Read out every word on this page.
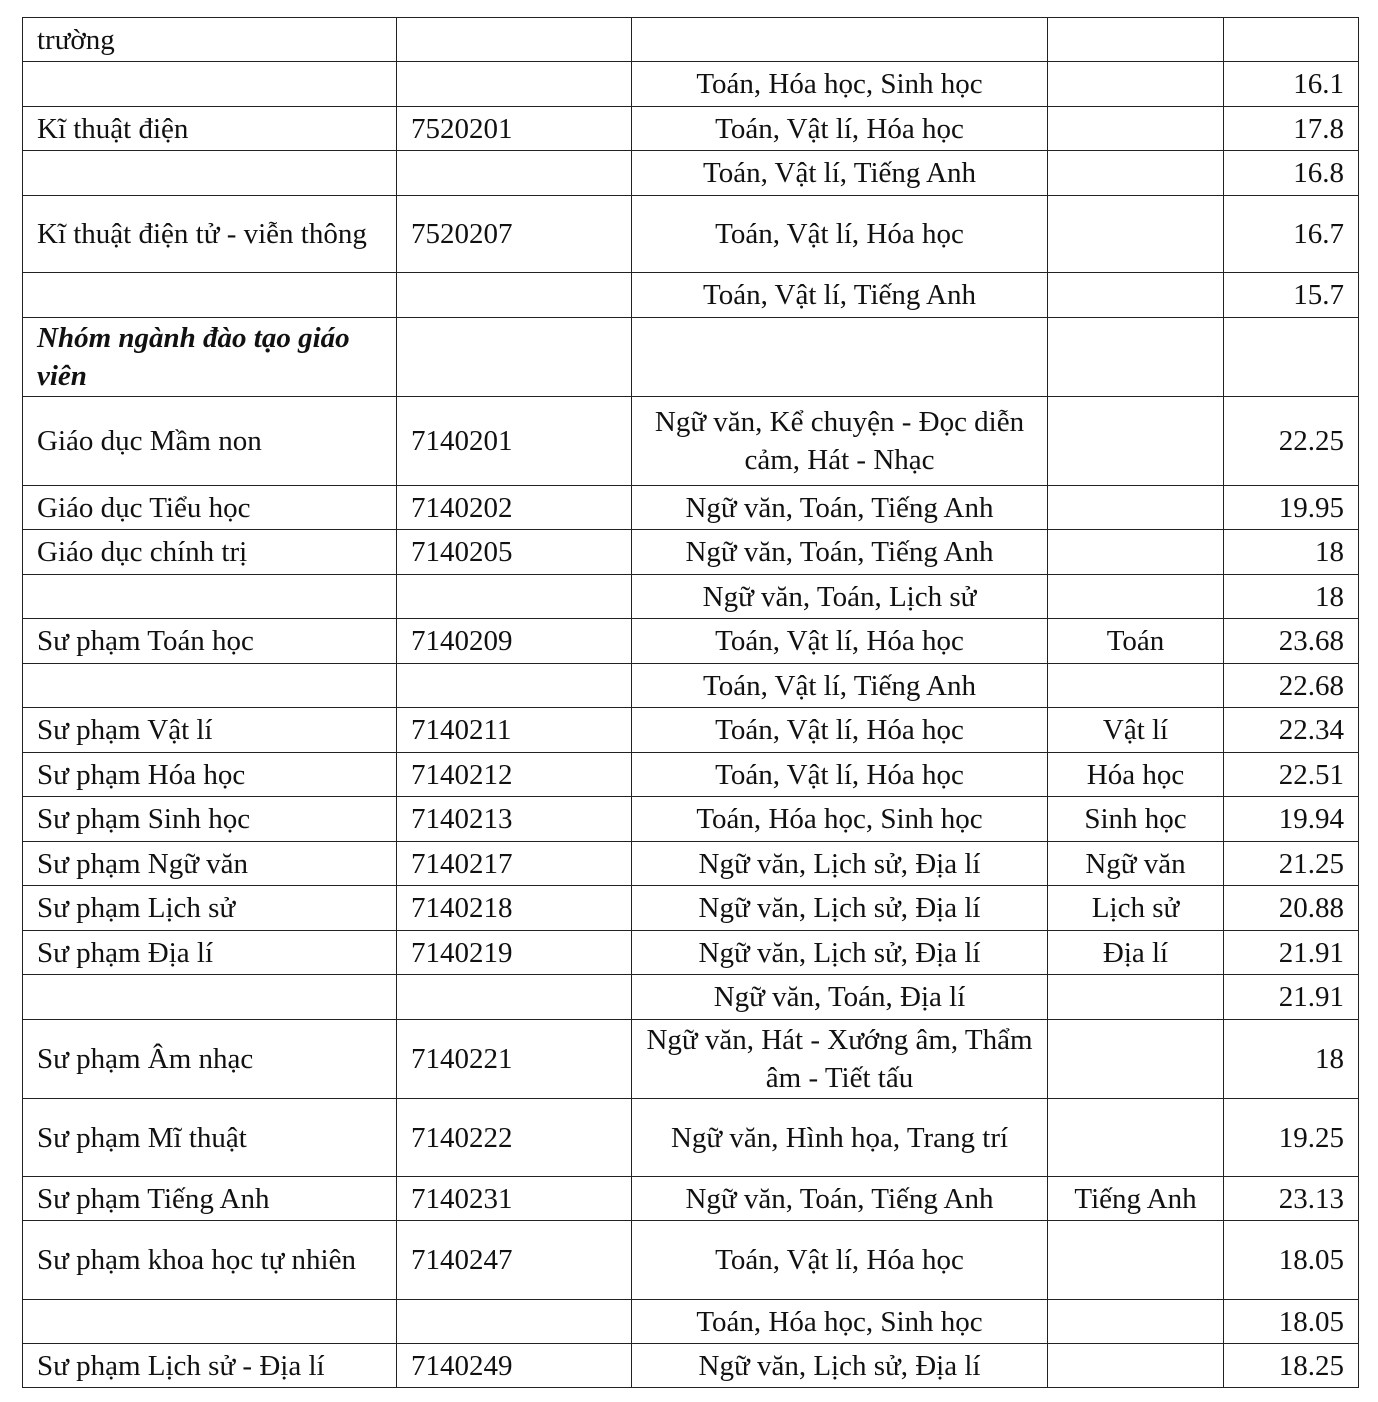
trường				
		Toán, Hóa học, Sinh học		16.1
Kĩ thuật điện	7520201	Toán, Vật lí, Hóa học		17.8
		Toán, Vật lí, Tiếng Anh		16.8
Kĩ thuật điện tử - viễn thông	7520207	Toán, Vật lí, Hóa học		16.7
		Toán, Vật lí, Tiếng Anh		15.7
Nhóm ngành đào tạo giáo viên				
Giáo dục Mầm non	7140201	Ngữ văn, Kể chuyện - Đọc diễn cảm, Hát - Nhạc		22.25
Giáo dục Tiểu học	7140202	Ngữ văn, Toán, Tiếng Anh		19.95
Giáo dục chính trị	7140205	Ngữ văn, Toán, Tiếng Anh		18
		Ngữ văn, Toán, Lịch sử		18
Sư phạm Toán học	7140209	Toán, Vật lí, Hóa học	Toán	23.68
		Toán, Vật lí, Tiếng Anh		22.68
Sư phạm Vật lí	7140211	Toán, Vật lí, Hóa học	Vật lí	22.34
Sư phạm Hóa học	7140212	Toán, Vật lí, Hóa học	Hóa học	22.51
Sư phạm Sinh học	7140213	Toán, Hóa học, Sinh học	Sinh học	19.94
Sư phạm Ngữ văn	7140217	Ngữ văn, Lịch sử, Địa lí	Ngữ văn	21.25
Sư phạm Lịch sử	7140218	Ngữ văn, Lịch sử, Địa lí	Lịch sử	20.88
Sư phạm Địa lí	7140219	Ngữ văn, Lịch sử, Địa lí	Địa lí	21.91
		Ngữ văn, Toán, Địa lí		21.91
Sư phạm Âm nhạc	7140221	Ngữ văn, Hát - Xướng âm, Thẩm âm - Tiết tấu		18
Sư phạm Mĩ thuật	7140222	Ngữ văn, Hình họa, Trang trí		19.25
Sư phạm Tiếng Anh	7140231	Ngữ văn, Toán, Tiếng Anh	Tiếng Anh	23.13
Sư phạm khoa học tự nhiên	7140247	Toán, Vật lí, Hóa học		18.05
		Toán, Hóa học, Sinh học		18.05
Sư phạm Lịch sử - Địa lí	7140249	Ngữ văn, Lịch sử, Địa lí		18.25
